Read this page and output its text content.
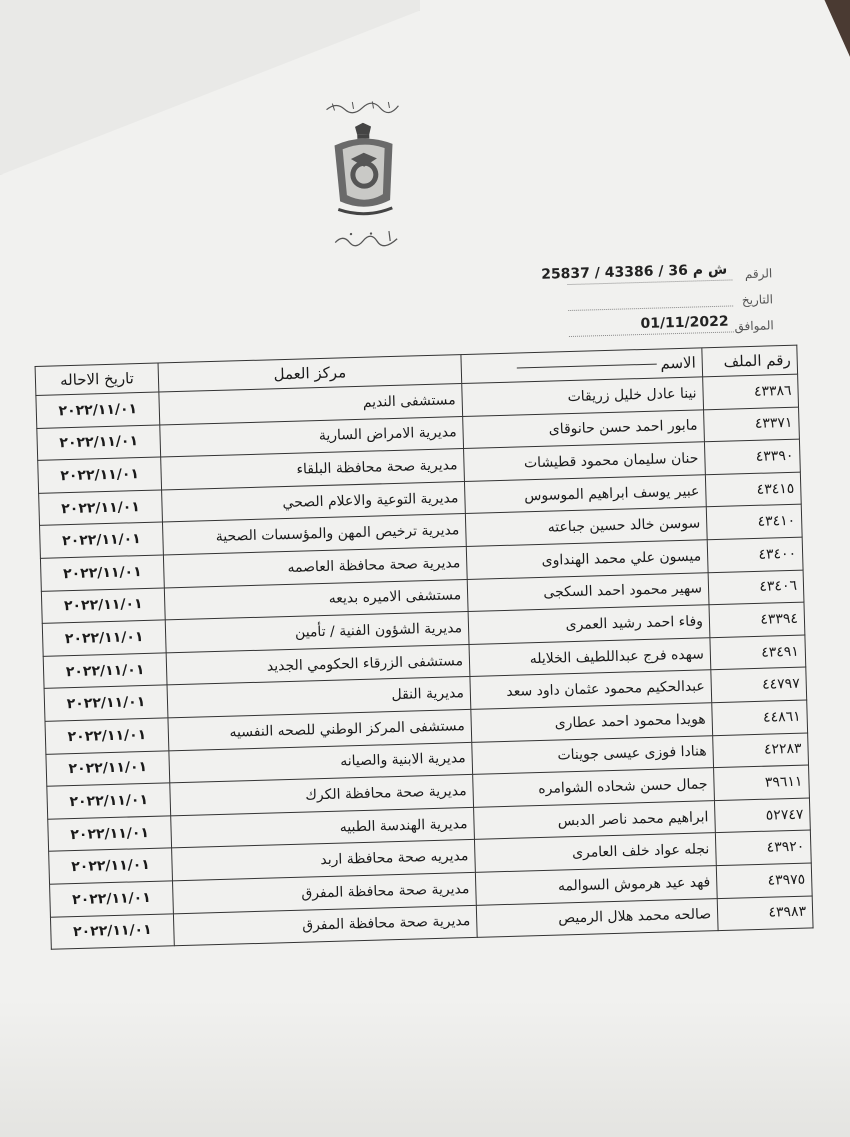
الرقم
ش م 36 / 43386 / 25837
التاريخ
الموافق
01/11/2022
رقم الملف	الاسم	مركز العمل	تاريخ الاحاله
٤٣٣٨٦	نينا عادل خليل زريقات	مستشفى النديم	٢٠٢٢/١١/٠١
٤٣٣٧١	مابور احمد حسن حانوقاى	مديرية الامراض السارية	٢٠٢٢/١١/٠١
٤٣٣٩٠	حنان سليمان محمود قطيشات	مديرية صحة محافظة البلقاء	٢٠٢٢/١١/٠١
٤٣٤١٥	عبير يوسف ابراهيم الموسوس	مديرية التوعية والاعلام الصحي	٢٠٢٢/١١/٠١
٤٣٤١٠	سوسن خالد حسين جباعته	مديرية ترخيص المهن والمؤسسات الصحية	٢٠٢٢/١١/٠١
٤٣٤٠٠	ميسون علي محمد الهنداوى	مديرية صحة محافظة العاصمه	٢٠٢٢/١١/٠١
٤٣٤٠٦	سهير محمود احمد السكجى	مستشفى الاميره بديعه	٢٠٢٢/١١/٠١
٤٣٣٩٤	وفاء احمد رشيد العمرى	مديرية الشؤون الفنية / تأمين	٢٠٢٢/١١/٠١
٤٣٤٩١	سهده فرج عبداللطيف الخلايله	مستشفى الزرقاء الحكومي الجديد	٢٠٢٢/١١/٠١
٤٤٧٩٧	عبدالحكيم محمود عثمان داود سعد	مديرية النقل	٢٠٢٢/١١/٠١
٤٤٨٦١	هويدا محمود احمد عطارى	مستشفى المركز الوطني للصحه النفسيه	٢٠٢٢/١١/٠١
٤٢٢٨٣	هنادا فوزى عيسى جوينات	مديرية الابنية والصيانه	٢٠٢٢/١١/٠١
٣٩٦١١	جمال حسن شحاده الشوامره	مديرية صحة محافظة الكرك	٢٠٢٢/١١/٠١
٥٢٧٤٧	ابراهيم محمد ناصر الدبس	مديرية الهندسة الطبيه	٢٠٢٢/١١/٠١
٤٣٩٢٠	نجله عواد خلف العامرى	مديريه صحة محافظة اربد	٢٠٢٢/١١/٠١
٤٣٩٧٥	فهد عيد هرموش السوالمه	مديرية صحة محافظة المفرق	٢٠٢٢/١١/٠١
٤٣٩٨٣	صالحه محمد هلال الرميص	مديرية صحة محافظة المفرق	٢٠٢٢/١١/٠١
